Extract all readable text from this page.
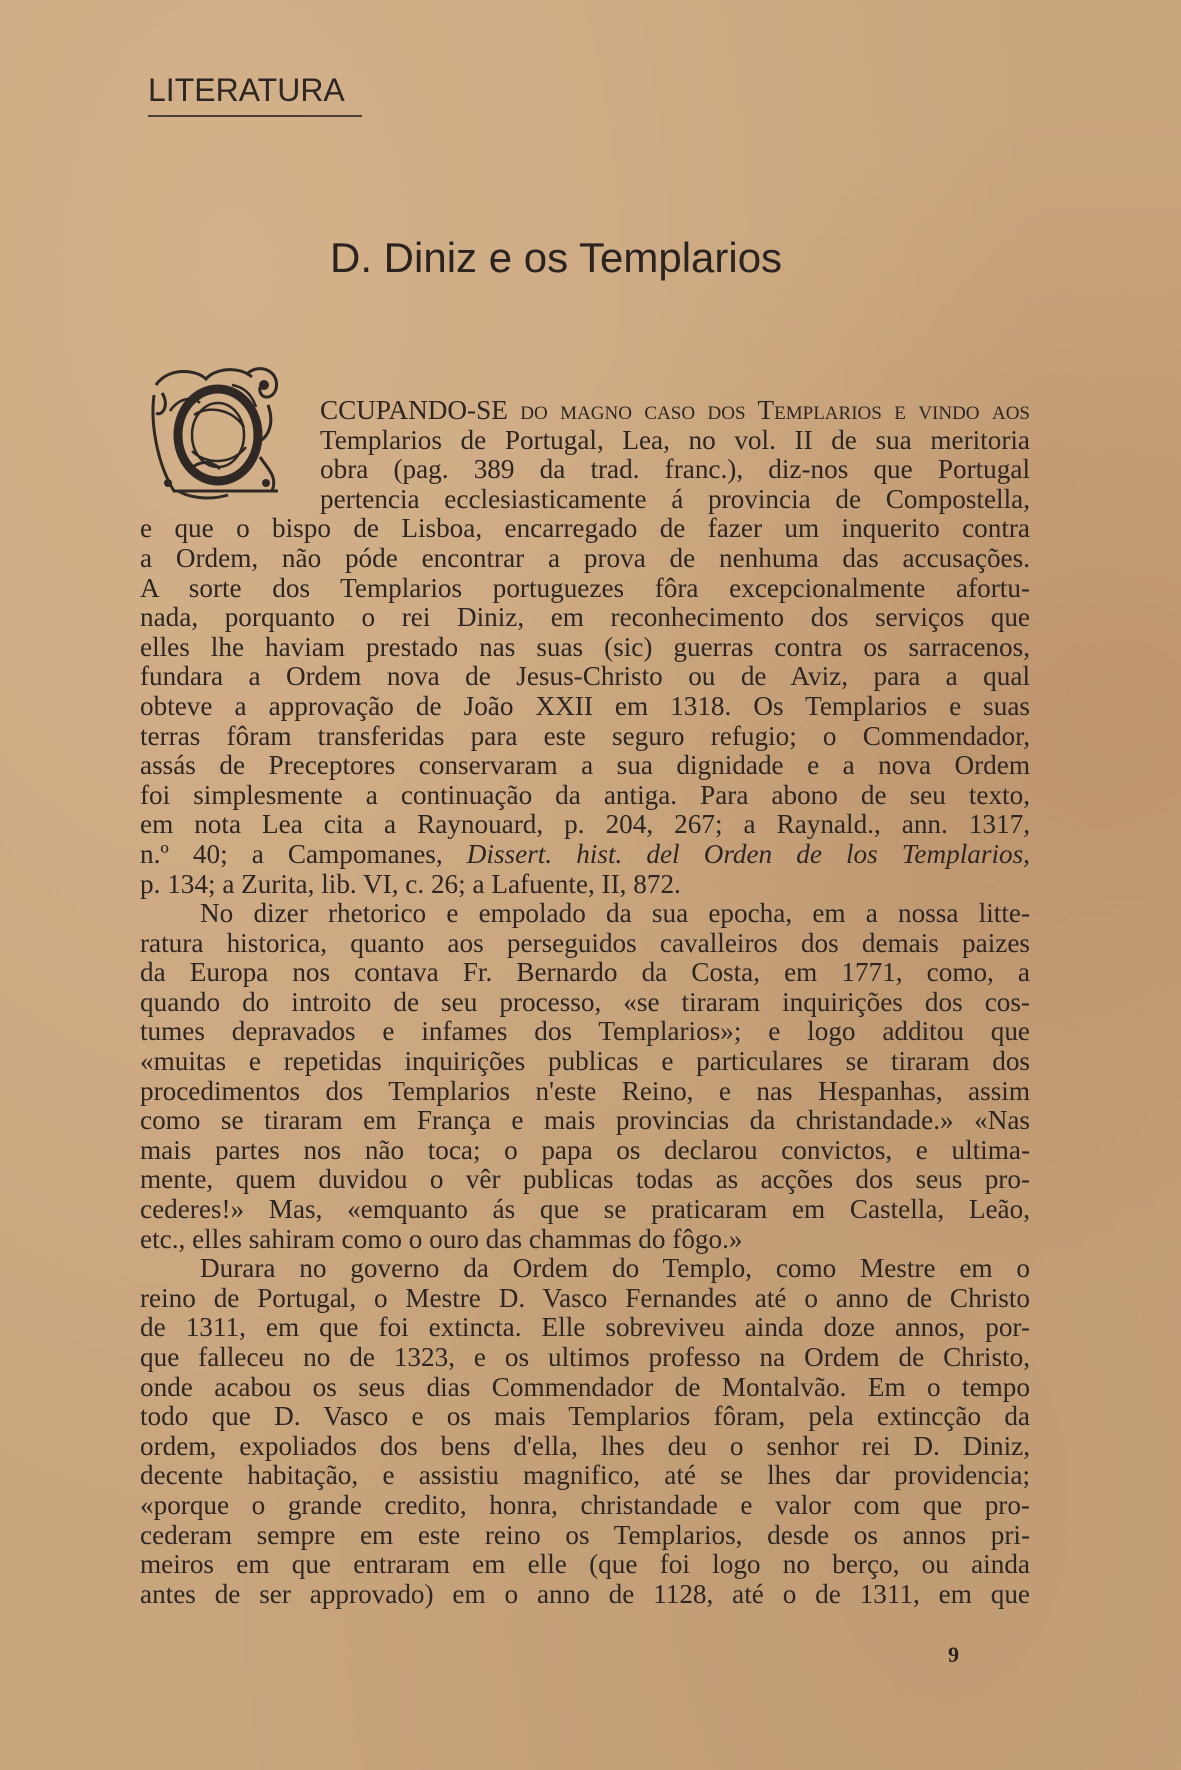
LITERATURA
D. Diniz e os Templarios
CCUPANDO-SE do magno caso dos Templarios e vindo aos
Templarios de Portugal, Lea, no vol. II de sua meritoria
obra (pag. 389 da trad. franc.), diz-nos que Portugal
pertencia ecclesiasticamente á provincia de Compostella,
e que o bispo de Lisboa, encarregado de fazer um inquerito contra
a Ordem, não póde encontrar a prova de nenhuma das accusações.
A sorte dos Templarios portuguezes fôra excepcionalmente afortu-
nada, porquanto o rei Diniz, em reconhecimento dos serviços que
elles lhe haviam prestado nas suas (sic) guerras contra os sarracenos,
fundara a Ordem nova de Jesus-Christo ou de Aviz, para a qual
obteve a approvação de João XXII em 1318. Os Templarios e suas
terras fôram transferidas para este seguro refugio; o Commendador,
assás de Preceptores conservaram a sua dignidade e a nova Ordem
foi simplesmente a continuação da antiga. Para abono de seu texto,
em nota Lea cita a Raynouard, p. 204, 267; a Raynald., ann. 1317,
n.º 40; a Campomanes, Dissert. hist. del Orden de los Templarios,
p. 134; a Zurita, lib. VI, c. 26; a Lafuente, II, 872.
No dizer rhetorico e empolado da sua epocha, em a nossa litte-
ratura historica, quanto aos perseguidos cavalleiros dos demais paizes
da Europa nos contava Fr. Bernardo da Costa, em 1771, como, a
quando do introito de seu processo, «se tiraram inquirições dos cos-
tumes depravados e infames dos Templarios»; e logo additou que
«muitas e repetidas inquirições publicas e particulares se tiraram dos
procedimentos dos Templarios n'este Reino, e nas Hespanhas, assim
como se tiraram em França e mais provincias da christandade.» «Nas
mais partes nos não toca; o papa os declarou convictos, e ultima-
mente, quem duvidou o vêr publicas todas as acções dos seus pro-
cederes!» Mas, «emquanto ás que se praticaram em Castella, Leão,
etc., elles sahiram como o ouro das chammas do fôgo.»
Durara no governo da Ordem do Templo, como Mestre em o
reino de Portugal, o Mestre D. Vasco Fernandes até o anno de Christo
de 1311, em que foi extincta. Elle sobreviveu ainda doze annos, por-
que falleceu no de 1323, e os ultimos professo na Ordem de Christo,
onde acabou os seus dias Commendador de Montalvão. Em o tempo
todo que D. Vasco e os mais Templarios fôram, pela extincção da
ordem, expoliados dos bens d'ella, lhes deu o senhor rei D. Diniz,
decente habitação, e assistiu magnifico, até se lhes dar providencia;
«porque o grande credito, honra, christandade e valor com que pro-
cederam sempre em este reino os Templarios, desde os annos pri-
meiros em que entraram em elle (que foi logo no berço, ou ainda
antes de ser approvado) em o anno de 1128, até o de 1311, em que
9
